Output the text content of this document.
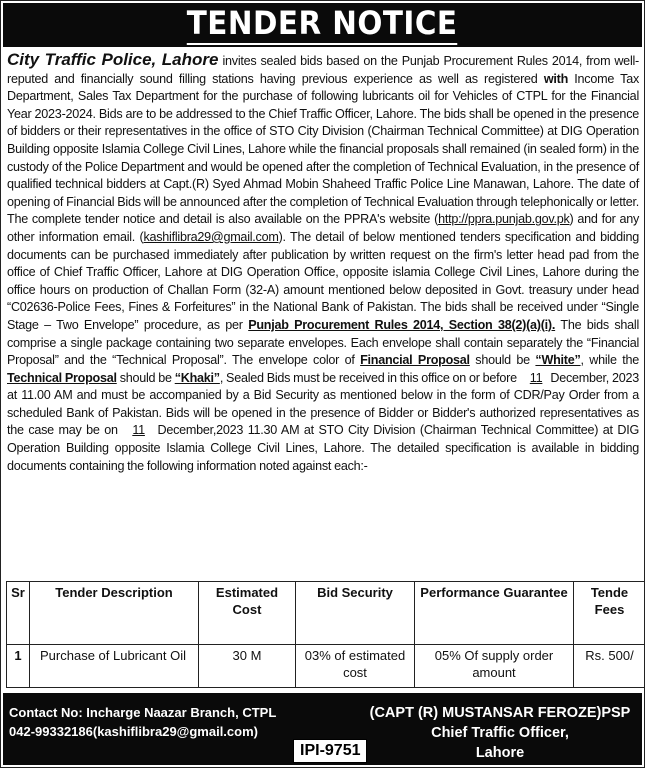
TENDER NOTICE
City Traffic Police, Lahore invites sealed bids based on the Punjab Procurement Rules 2014, from well-reputed and financially sound filling stations having previous experience as well as registered with Income Tax Department, Sales Tax Department for the purchase of following lubricants oil for Vehicles of CTPL for the Financial Year 2023-2024. Bids are to be addressed to the Chief Traffic Officer, Lahore. The bids shall be opened in the presence of bidders or their representatives in the office of STO City Division (Chairman Technical Committee) at DIG Operation Building opposite Islamia College Civil Lines, Lahore while the financial proposals shall remained (in sealed form) in the custody of the Police Department and would be opened after the completion of Technical Evaluation, in the presence of qualified technical bidders at Capt.(R) Syed Ahmad Mobin Shaheed Traffic Police Line Manawan, Lahore. The date of opening of Financial Bids will be announced after the completion of Technical Evaluation through telephonically or letter. The complete tender notice and detail is also available on the PPRA's website (http://ppra.punjab.gov.pk) and for any other information email. (kashiflibra29@gmail.com). The detail of below mentioned tenders specification and bidding documents can be purchased immediately after publication by written request on the firm's letter head pad from the office of Chief Traffic Officer, Lahore at DIG Operation Office, opposite islamia College Civil Lines, Lahore during the office hours on production of Challan Form (32-A) amount mentioned below deposited in Govt. treasury under head “C02636-Police Fees, Fines & Forfeitures” in the National Bank of Pakistan. The bids shall be received under “Single Stage – Two Envelope” procedure, as per Punjab Procurement Rules 2014, Section 38(2)(a)(i). The bids shall comprise a single package containing two separate envelopes. Each envelope shall contain separately the “Financial Proposal” and the “Technical Proposal”. The envelope color of Financial Proposal should be “White”, while the Technical Proposal should be “Khaki”, Sealed Bids must be received in this office on or before 11 December, 2023 at 11.00 AM and must be accompanied by a Bid Security as mentioned below in the form of CDR/Pay Order from a scheduled Bank of Pakistan. Bids will be opened in the presence of Bidder or Bidder's authorized representatives as the case may be on 11 December,2023 11.30 AM at STO City Division (Chairman Technical Committee) at DIG Operation Building opposite Islamia College Civil Lines, Lahore. The detailed specification is available in bidding documents containing the following information noted against each:-
Sr	Tender Description	Estimated Cost	Bid Security	Performance Guarantee	Tende Fees
1	Purchase of Lubricant Oil	30 M	03% of estimated cost	05% Of supply order amount	Rs. 500/
Contact No: Incharge Naazar Branch, CTPL
042-99332186(kashiflibra29@gmail.com)
(CAPT (R) MUSTANSAR FEROZE)PSP
Chief Traffic Officer,
Lahore
IPI-9751
